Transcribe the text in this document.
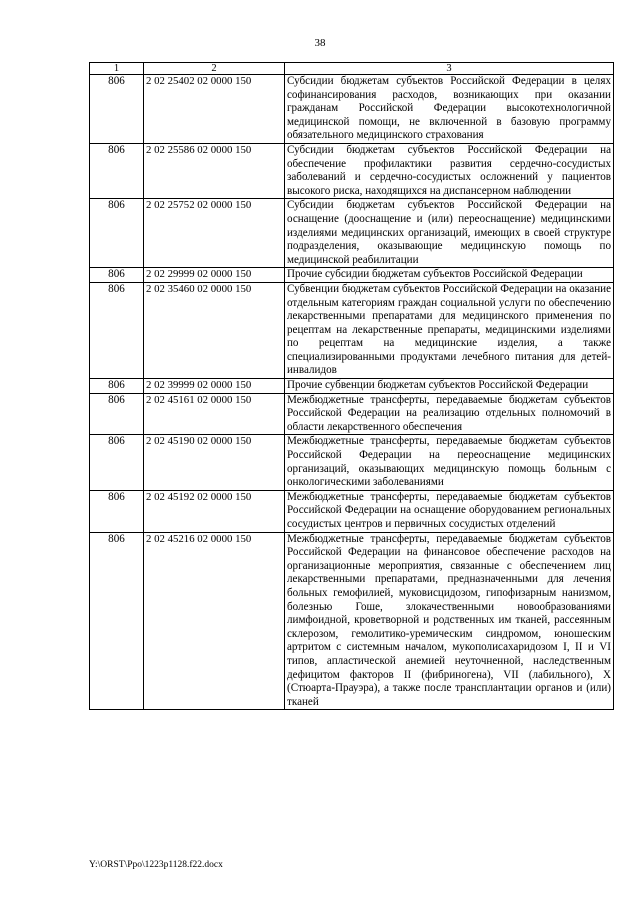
38
1	2	3
806	2 02 25402 02 0000 150	Субсидии бюджетам субъектов Российской Федерации в целях софинансирования расходов, возникающих при оказании гражданам Российской Федерации высокотехнологичной медицинской помощи, не включенной в базовую программу обязательного медицинского страхования
806	2 02 25586 02 0000 150	Субсидии бюджетам субъектов Российской Федерации на обеспечение профилактики развития сердечно-сосудистых заболеваний и сердечно-сосудистых осложнений у пациентов высокого риска, находящихся на диспансерном наблюдении
806	2 02 25752 02 0000 150	Субсидии бюджетам субъектов Российской Федерации на оснащение (дооснащение и (или) переоснащение) медицинскими изделиями медицинских организаций, имеющих в своей структуре подразделения, оказывающие медицинскую помощь по медицинской реабилитации
806	2 02 29999 02 0000 150	Прочие субсидии бюджетам субъектов Российской Федерации
806	2 02 35460 02 0000 150	Субвенции бюджетам субъектов Российской Федерации на оказание отдельным категориям граждан социальной услуги по обеспечению лекарственными препаратами для медицинского применения по рецептам на лекарственные препараты, медицинскими изделиями по рецептам на медицинские изделия, а также специализированными продуктами лечебного питания для детей-инвалидов
806	2 02 39999 02 0000 150	Прочие субвенции бюджетам субъектов Российской Федерации
806	2 02 45161 02 0000 150	Межбюджетные трансферты, передаваемые бюджетам субъектов Российской Федерации на реализацию отдельных полномочий в области лекарственного обеспечения
806	2 02 45190 02 0000 150	Межбюджетные трансферты, передаваемые бюджетам субъектов Российской Федерации на переоснащение медицинских организаций, оказывающих медицинскую помощь больным с онкологическими заболеваниями
806	2 02 45192 02 0000 150	Межбюджетные трансферты, передаваемые бюджетам субъектов Российской Федерации на оснащение оборудованием региональных сосудистых центров и первичных сосудистых отделений
806	2 02 45216 02 0000 150	Межбюджетные трансферты, передаваемые бюджетам субъектов Российской Федерации на финансовое обеспечение расходов на организационные мероприятия, связанные с обеспечением лиц лекарственными препаратами, предназначенными для лечения больных гемофилией, муковисцидозом, гипофизарным нанизмом, болезнью Гоше, злокачественными новообразованиями лимфоидной, кроветворной и родственных им тканей, рассеянным склерозом, гемолитико-уремическим синдромом, юношеским артритом с системным началом, мукополисахаридозом I, II и VI типов, апластической анемией неуточненной, наследственным дефицитом факторов II (фибриногена), VII (лабильного), X (Стюарта-Прауэра), а также после трансплантации органов и (или) тканей
Y:\ORST\Ppo\1223p1128.f22.docx
